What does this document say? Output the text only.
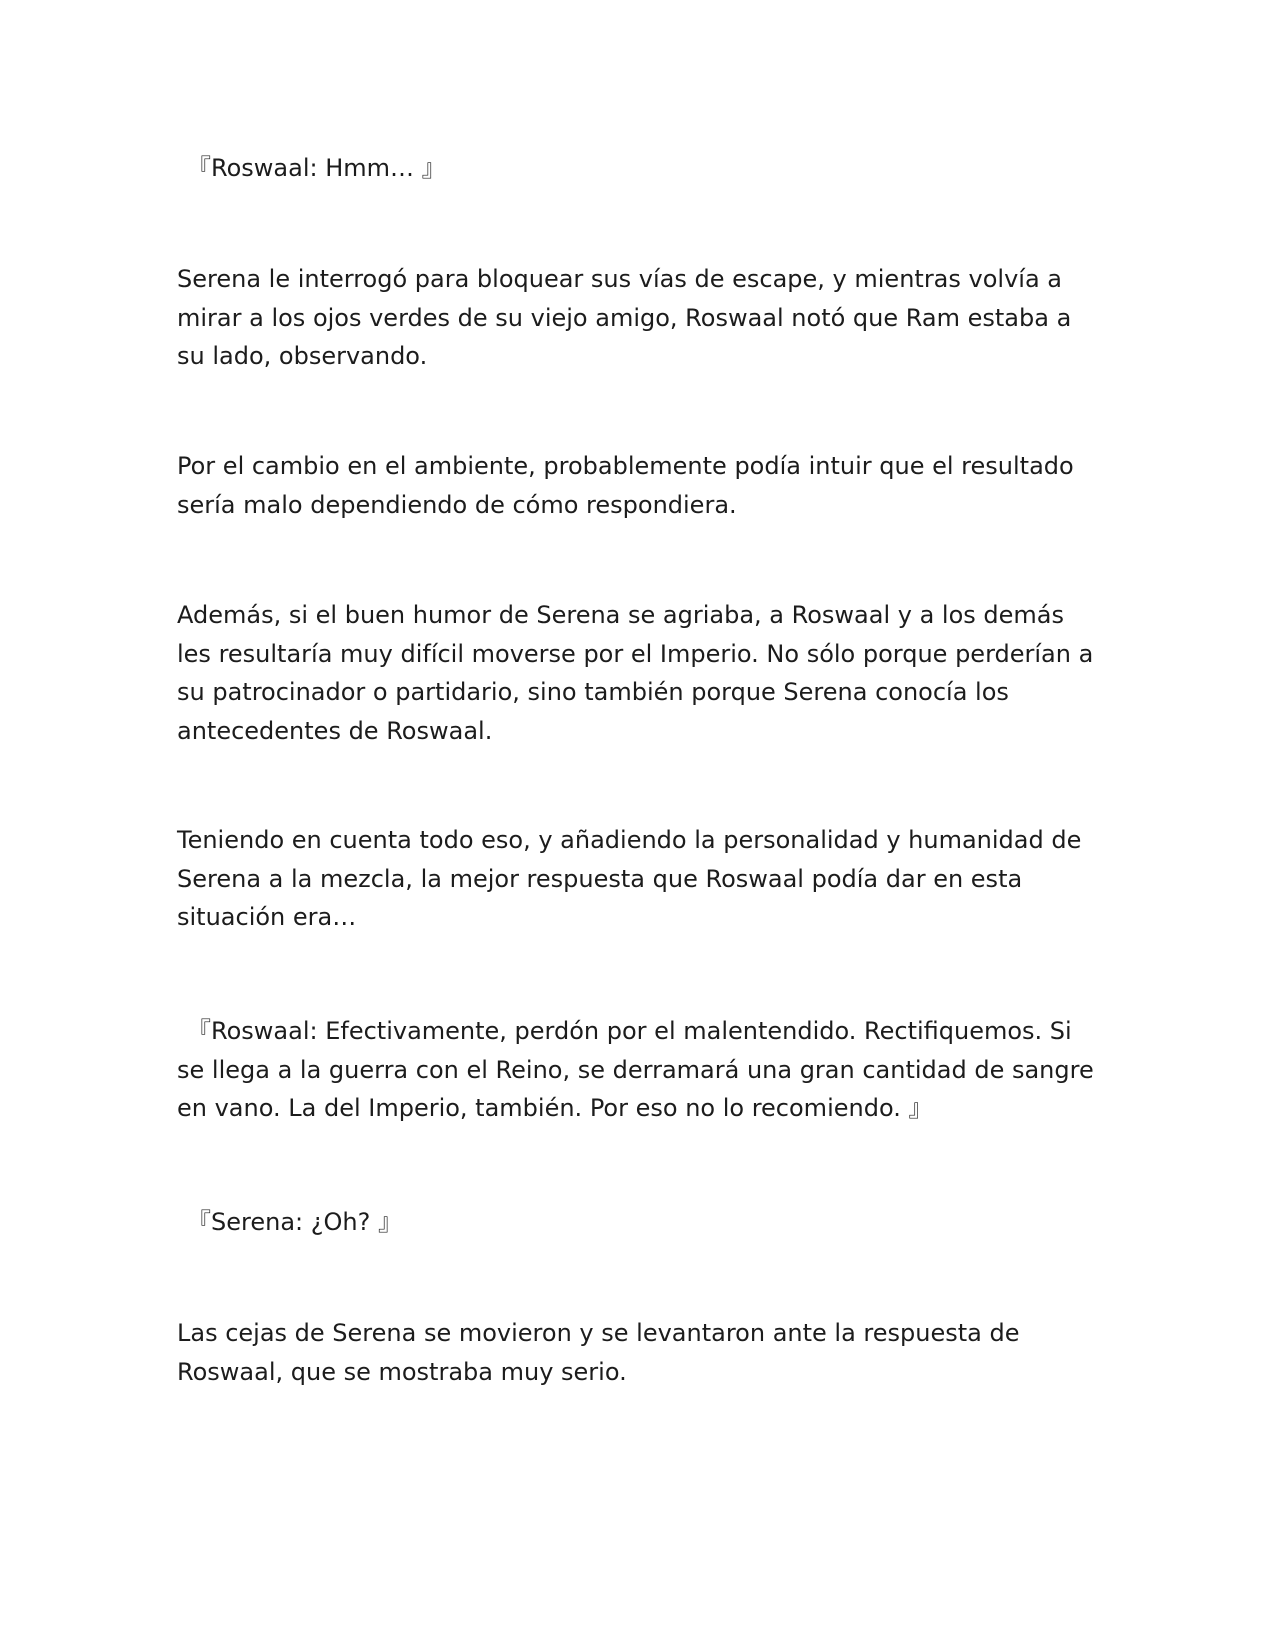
『Roswaal: Hmm… 』

Serena le interrogó para bloquear sus vías de escape, y mientras volvía a mirar a los ojos verdes de su viejo amigo, Roswaal notó que Ram estaba a su lado, observando.

Por el cambio en el ambiente, probablemente podía intuir que el resultado sería malo dependiendo de cómo respondiera.

Además, si el buen humor de Serena se agriaba, a Roswaal y a los demás les resultaría muy difícil moverse por el Imperio. No sólo porque perderían a su patrocinador o partidario, sino también porque Serena conocía los antecedentes de Roswaal.

Teniendo en cuenta todo eso, y añadiendo la personalidad y humanidad de Serena a la mezcla, la mejor respuesta que Roswaal podía dar en esta situación era…

『Roswaal: Efectivamente, perdón por el malentendido. Rectifiquemos. Si se llega a la guerra con el Reino, se derramará una gran cantidad de sangre en vano. La del Imperio, también. Por eso no lo recomiendo. 』

『Serena: ¿Oh? 』

Las cejas de Serena se movieron y se levantaron ante la respuesta de Roswaal, que se mostraba muy serio.
